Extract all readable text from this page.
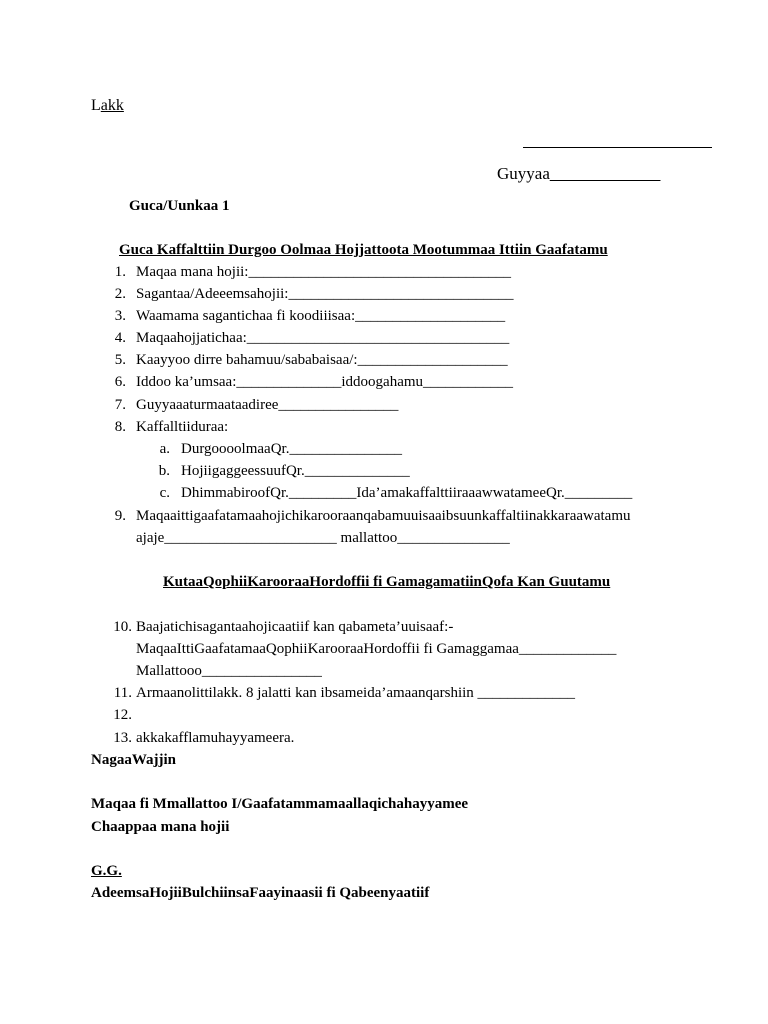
Lakk
Guyyaa_____________
Guca/Uunkaa 1
Guca Kaffalttiin Durgoo Oolmaa Hojjattoota Mootummaa Ittiin Gaafatamu
1. Maqaa mana hojii:___________________________________
2. Sagantaa/Adeeemsahojii:______________________________
3. Waamama sagantichaa fi koodiiisaa:____________________
4. Maqaahojjatichaa:___________________________________
5. Kaayyoo dirre bahamuu/sababaisaa/:____________________
6. Iddoo ka’umsaa:______________iddoogahamu____________
7. Guyyaaaturmaataadiree________________
8. Kaffalltiiduraa:
a. DurgoooolmaaQr._______________
b. HojiigaggeessuufQr.______________
c. DhimmabiroofQr._________Ida’amakaffalttiiraaawwatameeQr._________
9. Maqaaittigaafatamaahojichikarooraanqabamuuisaaibsuunkaffaltiinakkaraawatamu
ajaje_______________________ mallattoo_______________
KutaaQophiiKarooraaHordoffii fi GamagamatiinQofa Kan Guutamu
10. Baajatichisagantaahojicaatiif kan qabameta’uuisaaf:-
MaqaaIttiGaafatamaaQophiiKarooraaHordoffii fi Gamaggamaa_____________
Mallattooo________________
11. Armaanolittilakk. 8 jalatti kan ibsameida’amaanqarshiin _____________
12.
13. akkakafflamuhayyameera.
NagaaWajjin
Maqaa fi Mmallattoo I/Gaafatammamaallaqichahayyamee
Chaappaa mana hojii
G.G.
AdeemsaHojiiBulchiinsaFaayinaasii fi Qabeenyaatiif
